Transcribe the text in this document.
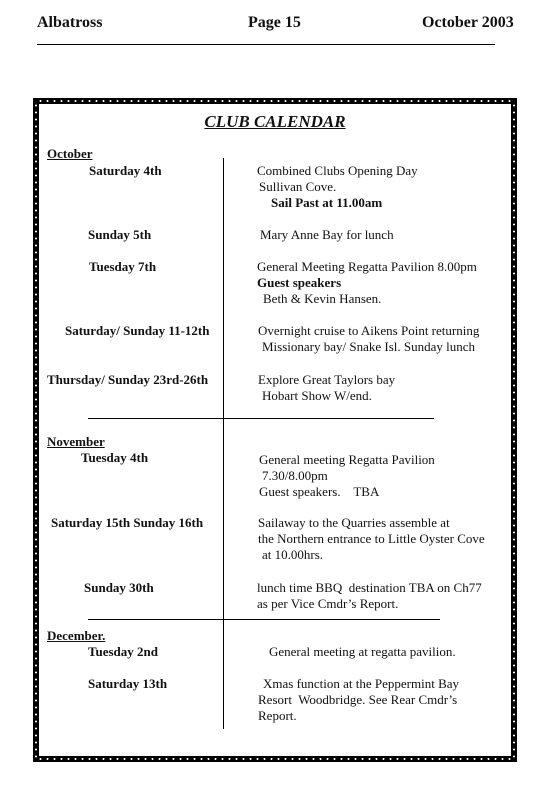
Albatross	Page 15	October 2003
CLUB CALENDAR
October
Saturday 4th	Combined Clubs Opening Day
Sullivan Cove.
Sail Past at 11.00am
Sunday 5th	Mary Anne Bay for lunch
Tuesday 7th	General Meeting Regatta Pavilion 8.00pm
Guest speakers
Beth & Kevin Hansen.
Saturday/ Sunday 11-12th	Overnight cruise to Aikens Point returning
Missionary bay/ Snake Isl. Sunday lunch
Thursday/ Sunday 23rd-26th	Explore Great Taylors bay
Hobart Show W/end.
November
Tuesday 4th	General meeting Regatta Pavilion
7.30/8.00pm
Guest speakers.    TBA
Saturday 15th Sunday 16th	Sailaway to the Quarries assemble at
the Northern entrance to Little Oyster Cove
at 10.00hrs.
Sunday 30th	lunch time BBQ  destination TBA on Ch77
as per Vice Cmdr’s Report.
December.
Tuesday 2nd	General meeting at regatta pavilion.
Saturday 13th	Xmas function at the Peppermint Bay
Resort  Woodbridge. See Rear Cmdr’s
Report.
